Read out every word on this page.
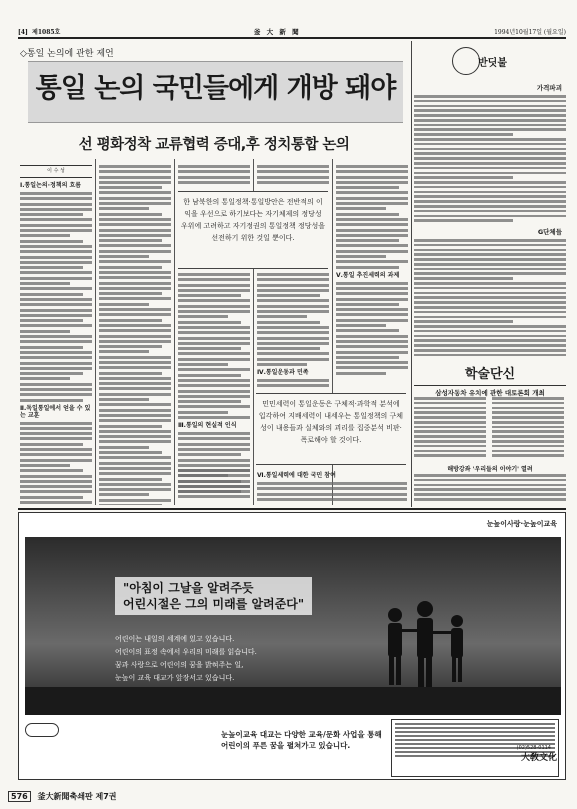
[4] 제1085호	釜 大 新 聞	1994년10월17일 (월요일)
◇통일 논의에 관한 제언
통일 논의 국민들에게 개방 돼야
선 평화정착 교류협력 증대,후 정치통합 논의
이 수 성
Ⅰ.통일논의·정책의 흐름
Ⅱ.독일통일에서 얻을 수 있는 교훈
Ⅲ.통일의 현실적 인식
Ⅳ.통일운동과 민족
Ⅴ.통일 추진세력의 과제
Ⅵ.통일세력에 대한 국민 참여
한 남북한의 통일정책·통일방안은 전반적의 이익을 우선으로 하기보다는 자기체제의 정당성 우위에 고려하고 자기정권의 통일정책 정당성을 선전하기 위한 것일 뿐이다.
민민세력이 통일운동은 구체적·과학적 분석에 입각하여 지배세력이 내세우는 통일정책의 구체성이 내용들과 실체와의 괴리를 집중분석 비판·폭로해야 할 것이다.
반딧불
가격파괴
G단체들
학술단신
삼성자동차 유치에 관한 대토론회 개최
해방강좌 '우리들의 이야기' 열려
눈높이사랑·눈높이교육
"아침이 그날을 알려주듯
어린시절은 그의 미래를 알려준다"
어린이는 내일의 세계에 있고 있습니다.
어린이의 표정 속에서 우리의 미래를 읽습니다.
꿈과 사랑으로 어린이의 꿈을 밝혀주는 일,
눈높이 교육 대교가 앞장서고 있습니다.
눈높이교육 대교는 다양한 교육/문화 사업을 통해
어린이의 푸른 꿈을 펼쳐가고 있습니다.	(02)528-0114
大敎文化
576 釜大新聞축쇄판 제7권
